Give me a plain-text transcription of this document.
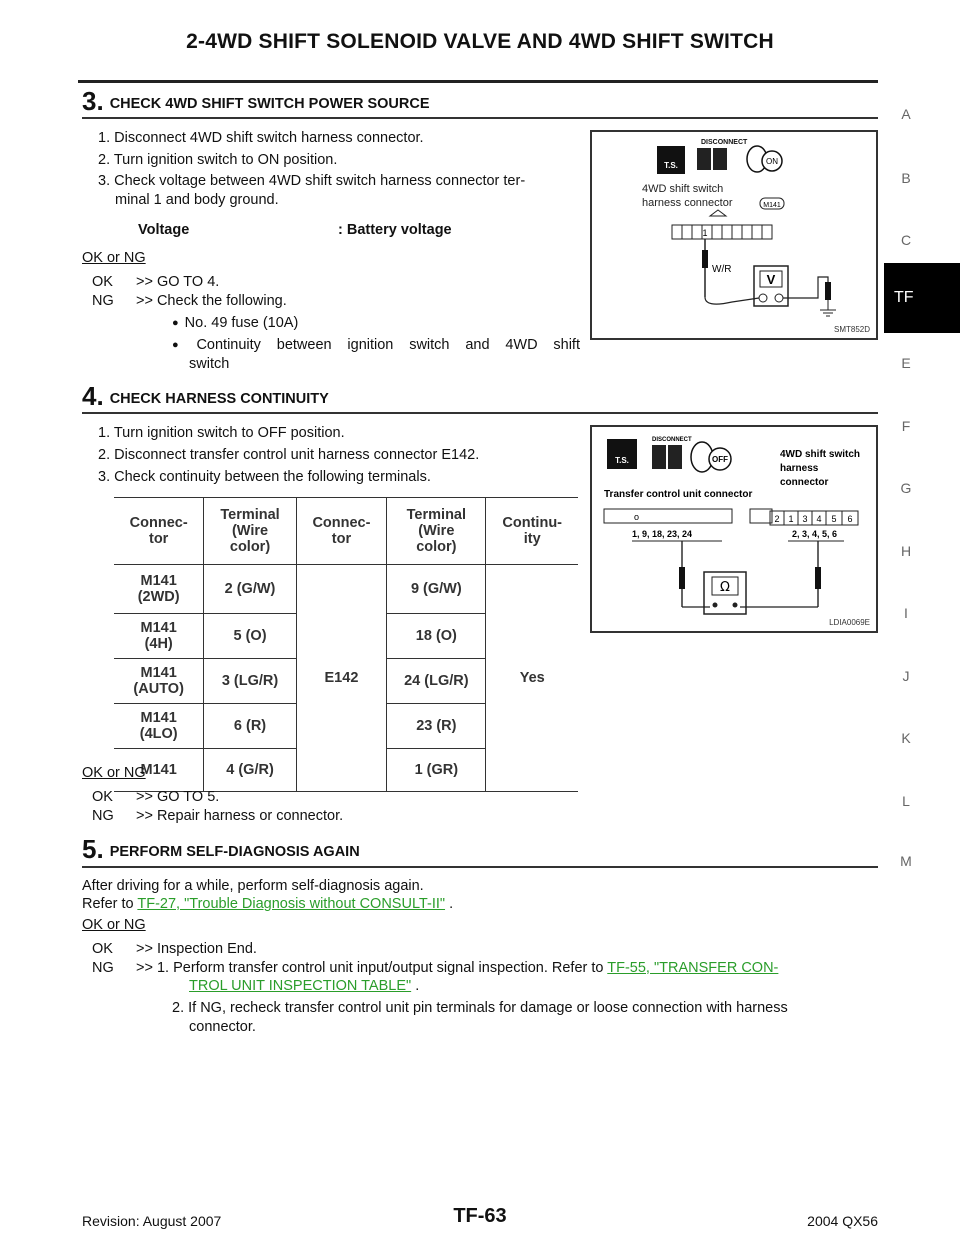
2-4WD SHIFT SOLENOID VALVE AND 4WD SHIFT SWITCH
A
B
C
TF
E
F
G
H
I
J
K
L
M
3. CHECK 4WD SHIFT SWITCH POWER SOURCE
1. Disconnect 4WD shift switch harness connector.
2. Turn ignition switch to ON position.
3. Check voltage between 4WD shift switch harness connector ter-
minal 1 and body ground.
Voltage	: Battery voltage
OK or NG
OK >> GO TO 4.
NG >> Check the following.
● No. 49 fuse (10A)
● Continuity between ignition switch and 4WD shift
switch
T.S.
DISCONNECT
ON
4WD shift switch
harness connector	M141
1
W/R
V
SMT852D
4. CHECK HARNESS CONTINUITY
1. Turn ignition switch to OFF position.
2. Disconnect transfer control unit harness connector E142.
3. Check continuity between the following terminals.
Connec-
tor	Terminal
(Wire
color)	Connec-
tor	Terminal
(Wire
color)	Continu-
ity
M141
(2WD)	2 (G/W)	E142	9 (G/W)	Yes
M141
(4H)	5 (O)		18 (O)	
M141
(AUTO)	3 (LG/R)		24 (LG/R)	
M141
(4LO)	6 (R)		23 (R)	
M141	4 (G/R)		1 (GR)	
OK or NG
OK >> GO TO 5.
NG >> Repair harness or connector.
T.S.
DISCONNECT
OFF	4WD shift switch
harness
connector
Transfer control unit connector
o
1, 9, 18, 23, 24
2 1 3 4 5 6
2, 3, 4, 5, 6
Ω
LDIA0069E
5. PERFORM SELF-DIAGNOSIS AGAIN
After driving for a while, perform self-diagnosis again.
Refer to TF-27, "Trouble Diagnosis without CONSULT-II" .
OK or NG
OK >> Inspection End.
NG >> 1. Perform transfer control unit input/output signal inspection. Refer to TF-55, "TRANSFER CON-
TROL UNIT INSPECTION TABLE" .
2. If NG, recheck transfer control unit pin terminals for damage or loose connection with harness
connector.
Revision: August 2007	TF-63	2004 QX56
